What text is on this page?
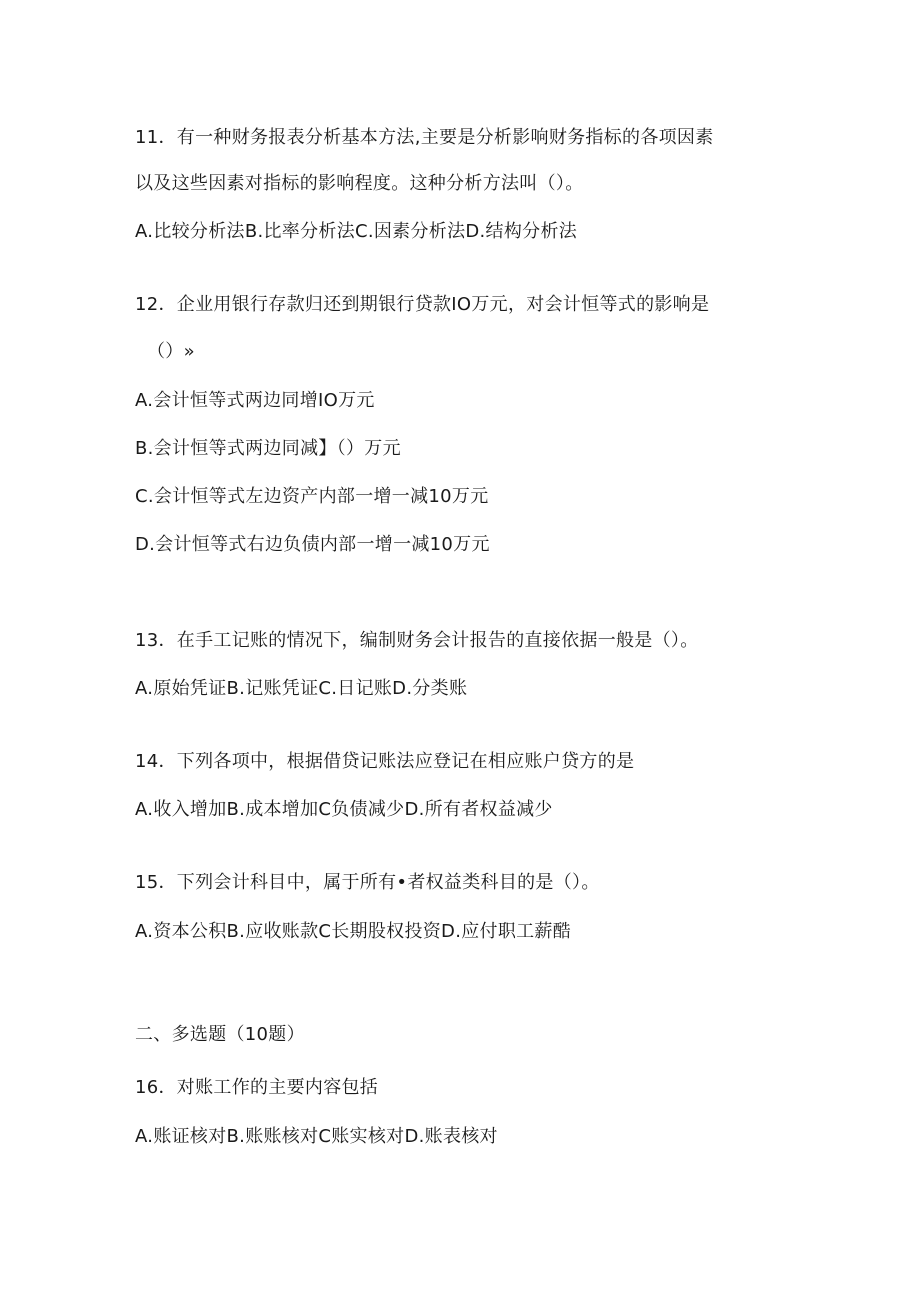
11．有一种财务报表分析基本方法,主要是分析影响财务指标的各项因素
以及这些因素对指标的影响程度。这种分析方法叫（）。
A.比较分析法B.比率分析法C.因素分析法D.结构分析法
12．企业用银行存款归还到期银行贷款IO万元，对会计恒等式的影响是
（）»
A.会计恒等式两边同增IO万元
B.会计恒等式两边同减】（）万元
C.会计恒等式左边资产内部一增一减10万元
D.会计恒等式右边负债内部一增一减10万元
13．在手工记账的情况下，编制财务会计报告的直接依据一般是（）。
A.原始凭证B.记账凭证C.日记账D.分类账
14．下列各项中，根据借贷记账法应登记在相应账户贷方的是
A.收入增加B.成本增加C负债减少D.所有者权益减少
15．下列会计科目中，属于所有•者权益类科目的是（）。
A.资本公积B.应收账款C长期股权投资D.应付职工薪酷
二、多选题（10题）
16．对账工作的主要内容包括
A.账证核对B.账账核对C账实核对D.账表核对
